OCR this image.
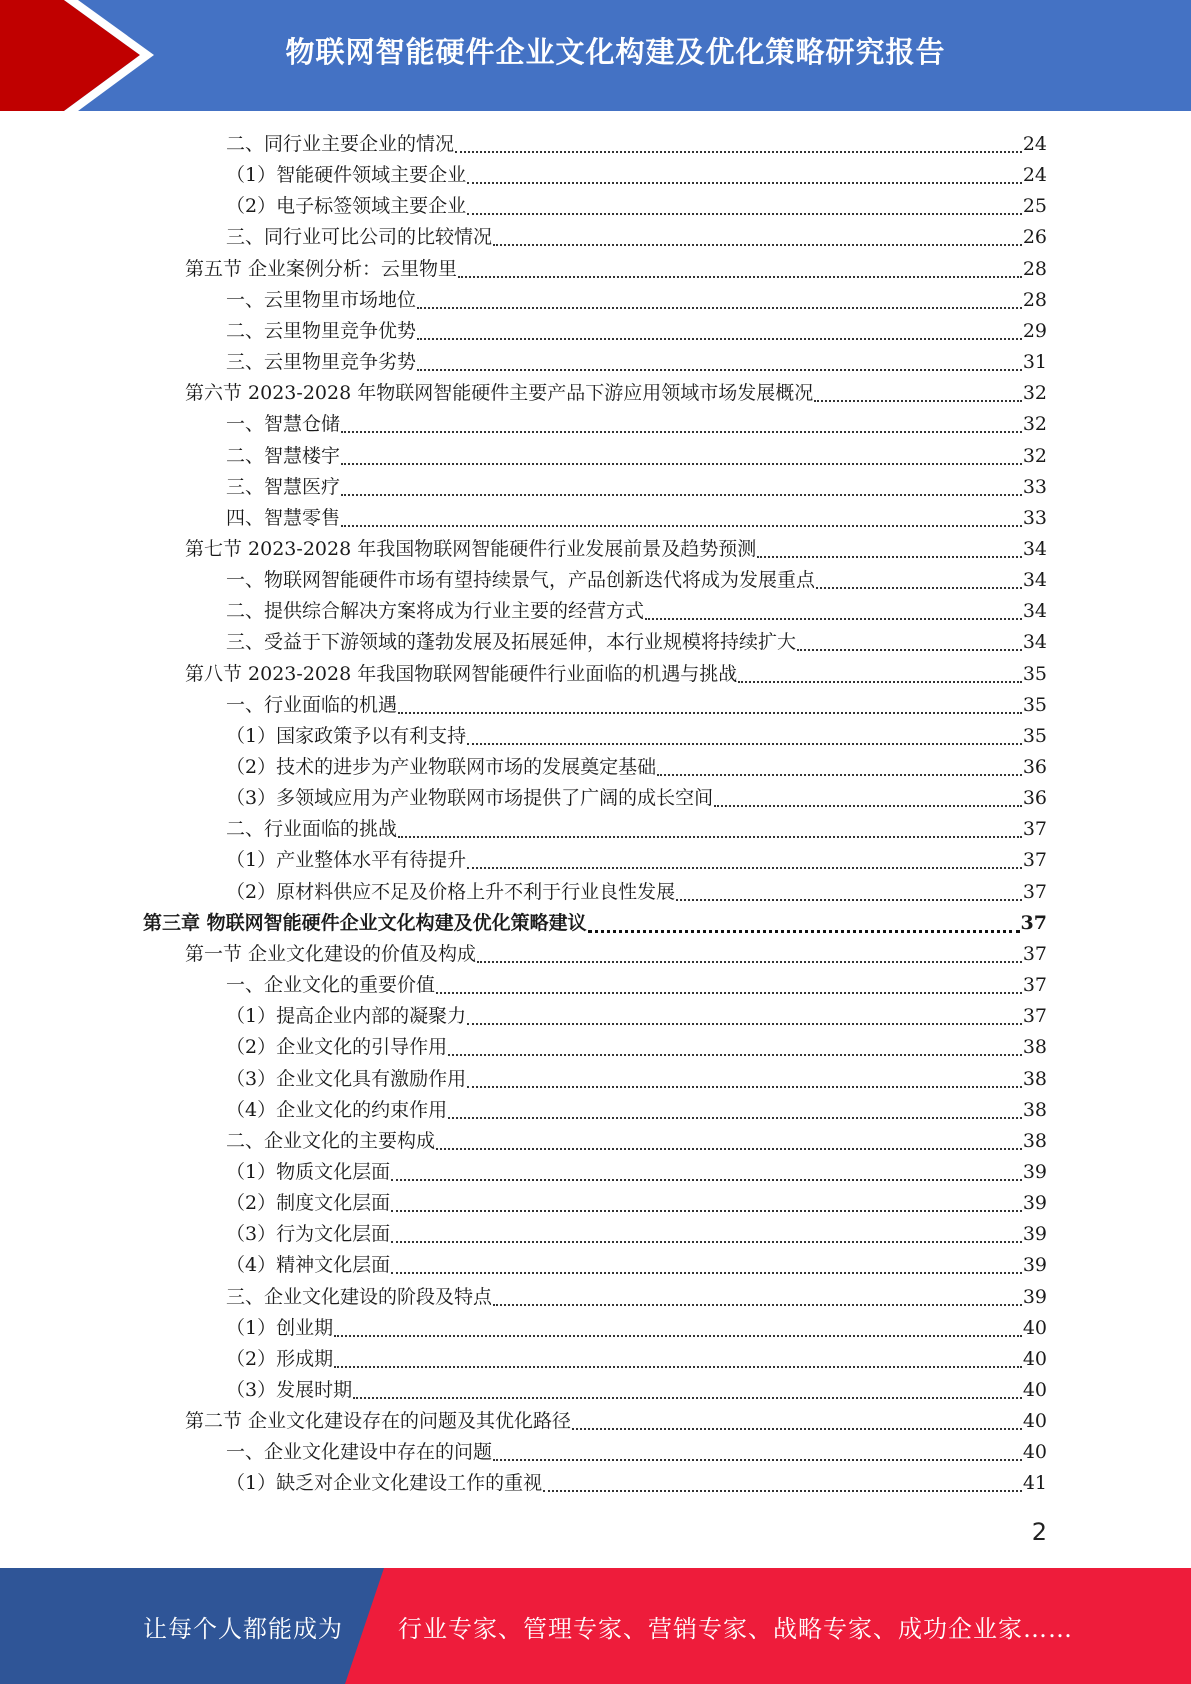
物联网智能硬件企业文化构建及优化策略研究报告
二、同行业主要企业的情况	24
（1）智能硬件领域主要企业	24
（2）电子标签领域主要企业	25
三、同行业可比公司的比较情况	26
第五节 企业案例分析：云里物里	28
一、云里物里市场地位	28
二、云里物里竞争优势	29
三、云里物里竞争劣势	31
第六节 2023-2028 年物联网智能硬件主要产品下游应用领域市场发展概况	32
一、智慧仓储	32
二、智慧楼宇	32
三、智慧医疗	33
四、智慧零售	33
第七节 2023-2028 年我国物联网智能硬件行业发展前景及趋势预测	34
一、物联网智能硬件市场有望持续景气，产品创新迭代将成为发展重点	34
二、提供综合解决方案将成为行业主要的经营方式	34
三、受益于下游领域的蓬勃发展及拓展延伸，本行业规模将持续扩大	34
第八节 2023-2028 年我国物联网智能硬件行业面临的机遇与挑战	35
一、行业面临的机遇	35
（1）国家政策予以有利支持	35
（2）技术的进步为产业物联网市场的发展奠定基础	36
（3）多领域应用为产业物联网市场提供了广阔的成长空间	36
二、行业面临的挑战	37
（1）产业整体水平有待提升	37
（2）原材料供应不足及价格上升不利于行业良性发展	37
第三章 物联网智能硬件企业文化构建及优化策略建议	37
第一节 企业文化建设的价值及构成	37
一、企业文化的重要价值	37
（1）提高企业内部的凝聚力	37
（2）企业文化的引导作用	38
（3）企业文化具有激励作用	38
（4）企业文化的约束作用	38
二、企业文化的主要构成	38
（1）物质文化层面	39
（2）制度文化层面	39
（3）行为文化层面	39
（4）精神文化层面	39
三、企业文化建设的阶段及特点	39
（1）创业期	40
（2）形成期	40
（3）发展时期	40
第二节 企业文化建设存在的问题及其优化路径	40
一、企业文化建设中存在的问题	40
（1）缺乏对企业文化建设工作的重视	41
2
让每个人都能成为 行业专家、管理专家、营销专家、战略专家、成功企业家……
